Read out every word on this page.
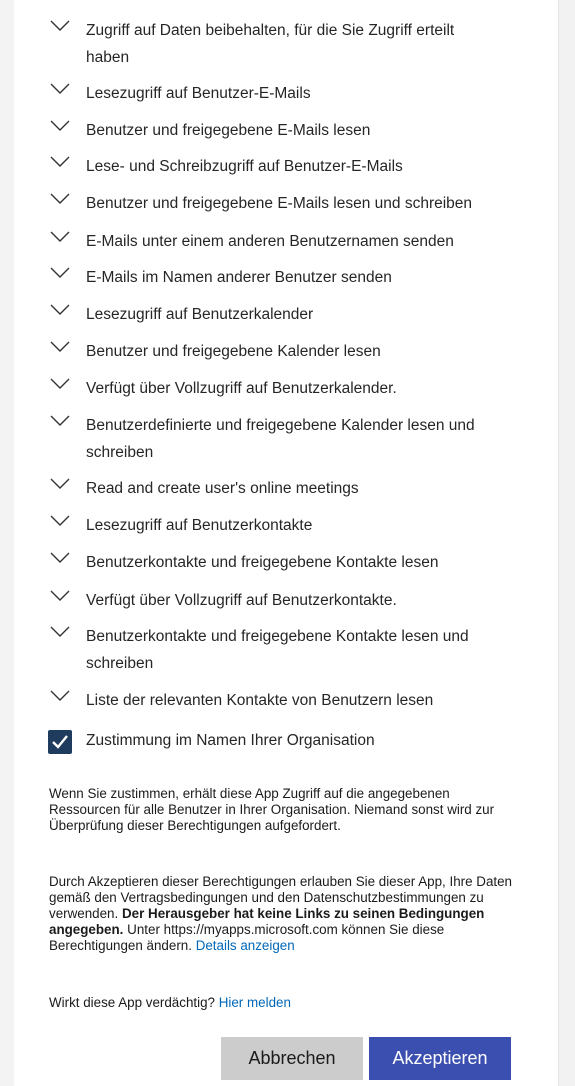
Zugriff auf Daten beibehalten, für die Sie Zugriff erteilt haben
Lesezugriff auf Benutzer-E-Mails
Benutzer und freigegebene E-Mails lesen
Lese- und Schreibzugriff auf Benutzer-E-Mails
Benutzer und freigegebene E-Mails lesen und schreiben
E-Mails unter einem anderen Benutzernamen senden
E-Mails im Namen anderer Benutzer senden
Lesezugriff auf Benutzerkalender
Benutzer und freigegebene Kalender lesen
Verfügt über Vollzugriff auf Benutzerkalender.
Benutzerdefinierte und freigegebene Kalender lesen und schreiben
Read and create user's online meetings
Lesezugriff auf Benutzerkontakte
Benutzerkontakte und freigegebene Kontakte lesen
Verfügt über Vollzugriff auf Benutzerkontakte.
Benutzerkontakte und freigegebene Kontakte lesen und schreiben
Liste der relevanten Kontakte von Benutzern lesen
Zustimmung im Namen Ihrer Organisation
Wenn Sie zustimmen, erhält diese App Zugriff auf die angegebenen Ressourcen für alle Benutzer in Ihrer Organisation. Niemand sonst wird zur Überprüfung dieser Berechtigungen aufgefordert.
Durch Akzeptieren dieser Berechtigungen erlauben Sie dieser App, Ihre Daten gemäß den Vertragsbedingungen und den Datenschutzbestimmungen zu verwenden. Der Herausgeber hat keine Links zu seinen Bedingungen angegeben. Unter https://myapps.microsoft.com können Sie diese Berechtigungen ändern. Details anzeigen
Wirkt diese App verdächtig? Hier melden
Abbrechen	Akzeptieren
